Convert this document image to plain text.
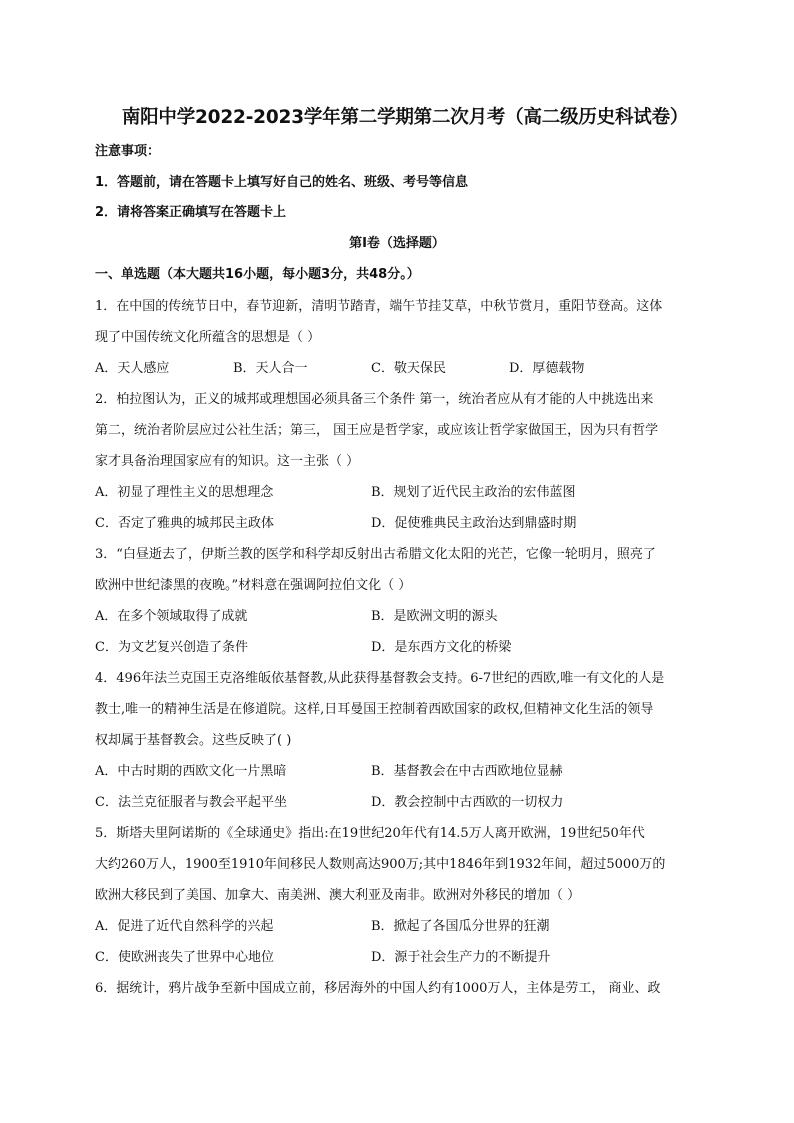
南阳中学2022-2023学年第二学期第二次月考（高二级历史科试卷）
注意事项：
1．答题前，请在答题卡上填写好自己的姓名、班级、考号等信息
2．请将答案正确填写在答题卡上
第Ⅰ卷（选择题）
一、单选题（本大题共16小题，每小题3分，共48分。）
1．在中国的传统节日中，春节迎新，清明节踏青，端午节挂艾草，中秋节赏月，重阳节登高。这体
现了中国传统文化所蕴含的思想是（ ）
A．天人感应	B．天人合一	C．敬天保民	D．厚德载物
2．柏拉图认为，正义的城邦或理想国必须具备三个条件 第一，统治者应从有才能的人中挑选出来
第二，统治者阶层应过公社生活；第三， 国王应是哲学家，或应该让哲学家做国王，因为只有哲学
家才具备治理国家应有的知识。这一主张（ ）
A．初显了理性主义的思想理念	B．规划了近代民主政治的宏伟蓝图
C．否定了雅典的城邦民主政体	D．促使雅典民主政治达到鼎盛时期
3．“白昼逝去了，伊斯兰教的医学和科学却反射出古希腊文化太阳的光芒，它像一轮明月，照亮了
欧洲中世纪漆黑的夜晚。”材料意在强调阿拉伯文化（ ）
A．在多个领域取得了成就	B．是欧洲文明的源头
C．为文艺复兴创造了条件	D．是东西方文化的桥梁
4．496年法兰克国王克洛维皈依基督教,从此获得基督教会支持。6-7世纪的西欧,唯一有文化的人是
教士,唯一的精神生活是在修道院。这样,日耳曼国王控制着西欧国家的政权,但精神文化生活的领导
权却属于基督教会。这些反映了( )
A．中古时期的西欧文化一片黑暗	B．基督教会在中古西欧地位显赫
C．法兰克征服者与教会平起平坐	D．教会控制中古西欧的一切权力
5．斯塔夫里阿诺斯的《全球通史》指出:在19世纪20年代有14.5万人离开欧洲，19世纪50年代
大约260万人，1900至1910年间移民人数则高达900万;其中1846年到1932年间，超过5000万的
欧洲大移民到了美国、加拿大、南美洲、澳大利亚及南非。欧洲对外移民的增加（ ）
A．促进了近代自然科学的兴起	B．掀起了各国瓜分世界的狂潮
C．使欧洲丧失了世界中心地位	D．源于社会生产力的不断提升
6．据统计，鸦片战争至新中国成立前，移居海外的中国人约有1000万人，主体是劳工， 商业、政
